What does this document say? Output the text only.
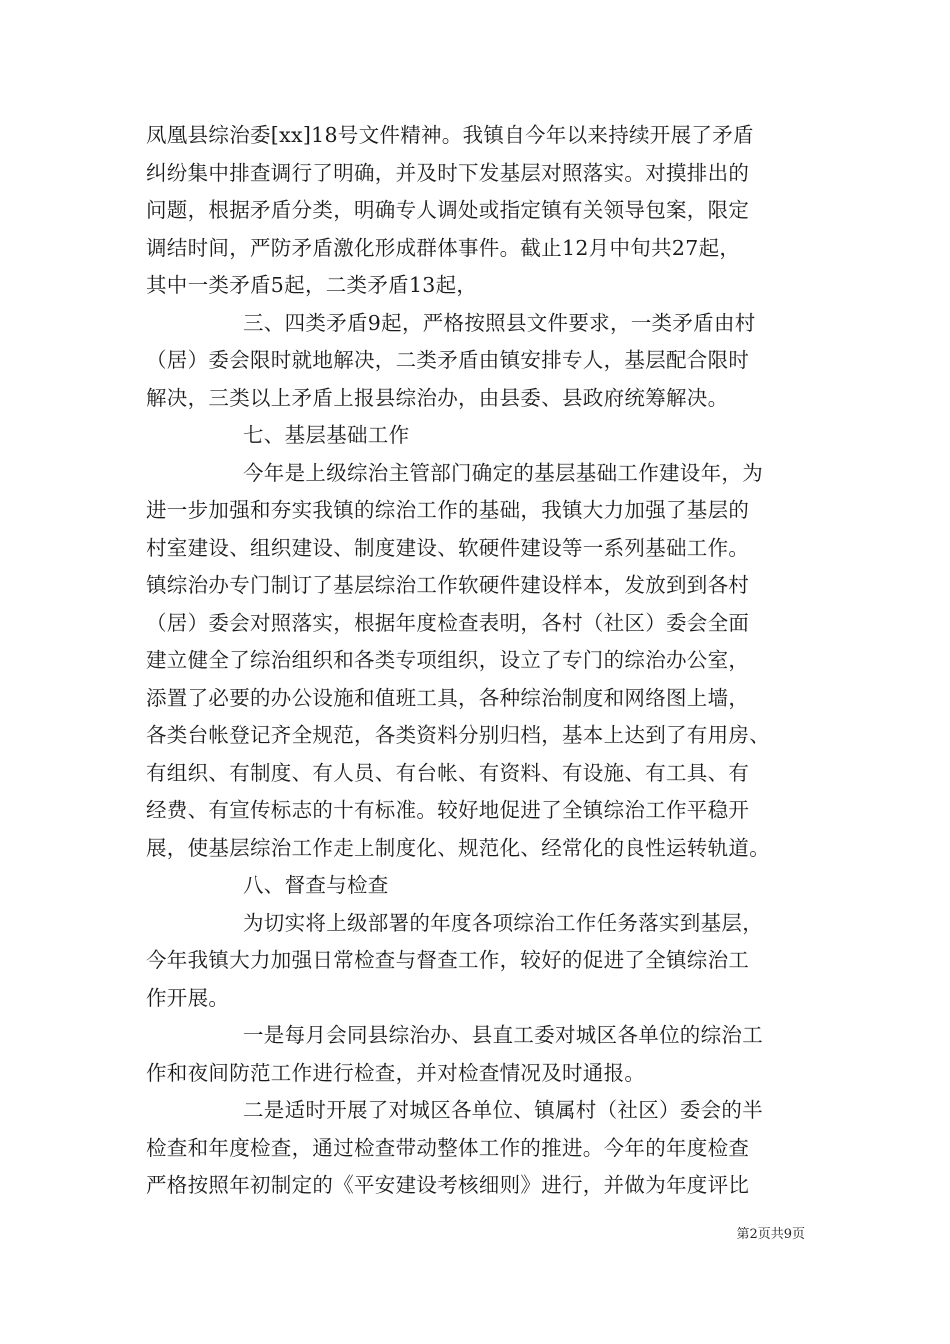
凤凰县综治委[xx]18号文件精神。我镇自今年以来持续开展了矛盾
纠纷集中排查调行了明确，并及时下发基层对照落实。对摸排出的
问题，根据矛盾分类，明确专人调处或指定镇有关领导包案，限定
调结时间，严防矛盾激化形成群体事件。截止12月中旬共27起，
其中一类矛盾5起，二类矛盾13起，
三、四类矛盾9起，严格按照县文件要求，一类矛盾由村
（居）委会限时就地解决，二类矛盾由镇安排专人，基层配合限时
解决，三类以上矛盾上报县综治办，由县委、县政府统筹解决。
七、基层基础工作
今年是上级综治主管部门确定的基层基础工作建设年，为
进一步加强和夯实我镇的综治工作的基础，我镇大力加强了基层的
村室建设、组织建设、制度建设、软硬件建设等一系列基础工作。
镇综治办专门制订了基层综治工作软硬件建设样本，发放到到各村
（居）委会对照落实，根据年度检查表明，各村（社区）委会全面
建立健全了综治组织和各类专项组织，设立了专门的综治办公室，
添置了必要的办公设施和值班工具，各种综治制度和网络图上墙，
各类台帐登记齐全规范，各类资料分别归档，基本上达到了有用房、
有组织、有制度、有人员、有台帐、有资料、有设施、有工具、有
经费、有宣传标志的十有标准。较好地促进了全镇综治工作平稳开
展，使基层综治工作走上制度化、规范化、经常化的良性运转轨道。
八、督查与检查
为切实将上级部署的年度各项综治工作任务落实到基层，
今年我镇大力加强日常检查与督查工作，较好的促进了全镇综治工
作开展。
一是每月会同县综治办、县直工委对城区各单位的综治工
作和夜间防范工作进行检查，并对检查情况及时通报。
二是适时开展了对城区各单位、镇属村（社区）委会的半
检查和年度检查，通过检查带动整体工作的推进。今年的年度检查
严格按照年初制定的《平安建设考核细则》进行，并做为年度评比
第2页共9页
